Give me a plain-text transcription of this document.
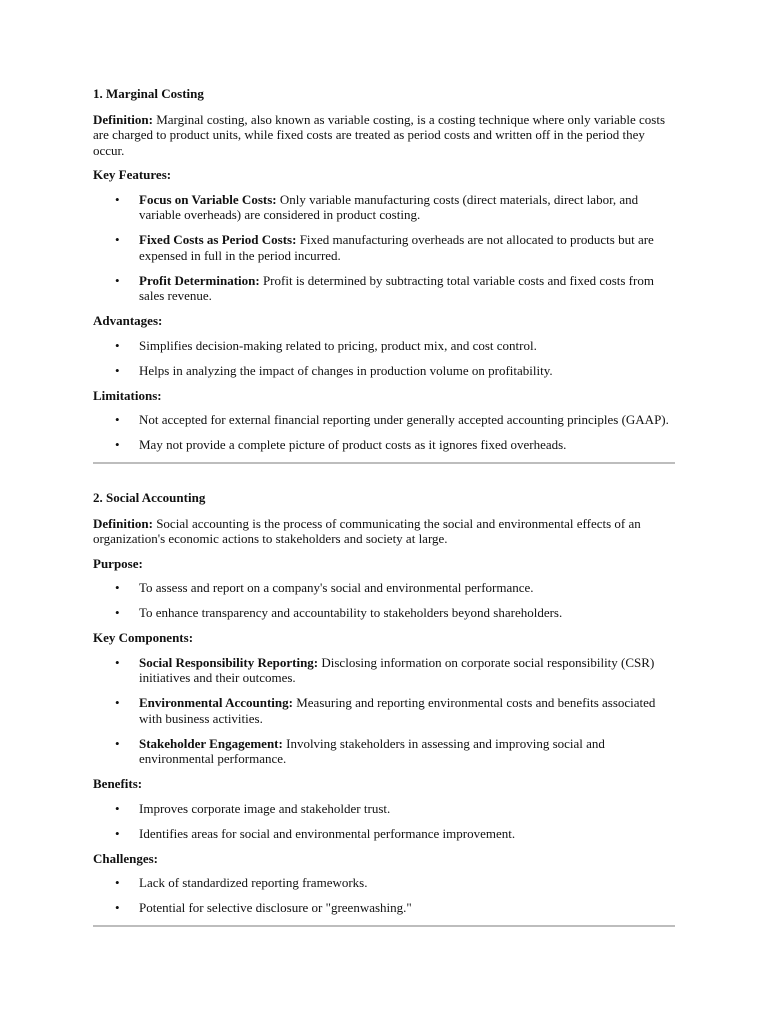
1. Marginal Costing
Definition: Marginal costing, also known as variable costing, is a costing technique where only variable costs are charged to product units, while fixed costs are treated as period costs and written off in the period they occur.
Key Features:
• Focus on Variable Costs: Only variable manufacturing costs (direct materials, direct labor, and variable overheads) are considered in product costing.
• Fixed Costs as Period Costs: Fixed manufacturing overheads are not allocated to products but are expensed in full in the period incurred.
• Profit Determination: Profit is determined by subtracting total variable costs and fixed costs from sales revenue.
Advantages:
• Simplifies decision-making related to pricing, product mix, and cost control.
• Helps in analyzing the impact of changes in production volume on profitability.
Limitations:
• Not accepted for external financial reporting under generally accepted accounting principles (GAAP).
• May not provide a complete picture of product costs as it ignores fixed overheads.
2. Social Accounting
Definition: Social accounting is the process of communicating the social and environmental effects of an organization's economic actions to stakeholders and society at large.
Purpose:
• To assess and report on a company's social and environmental performance.
• To enhance transparency and accountability to stakeholders beyond shareholders.
Key Components:
• Social Responsibility Reporting: Disclosing information on corporate social responsibility (CSR) initiatives and their outcomes.
• Environmental Accounting: Measuring and reporting environmental costs and benefits associated with business activities.
• Stakeholder Engagement: Involving stakeholders in assessing and improving social and environmental performance.
Benefits:
• Improves corporate image and stakeholder trust.
• Identifies areas for social and environmental performance improvement.
Challenges:
• Lack of standardized reporting frameworks.
• Potential for selective disclosure or "greenwashing."
